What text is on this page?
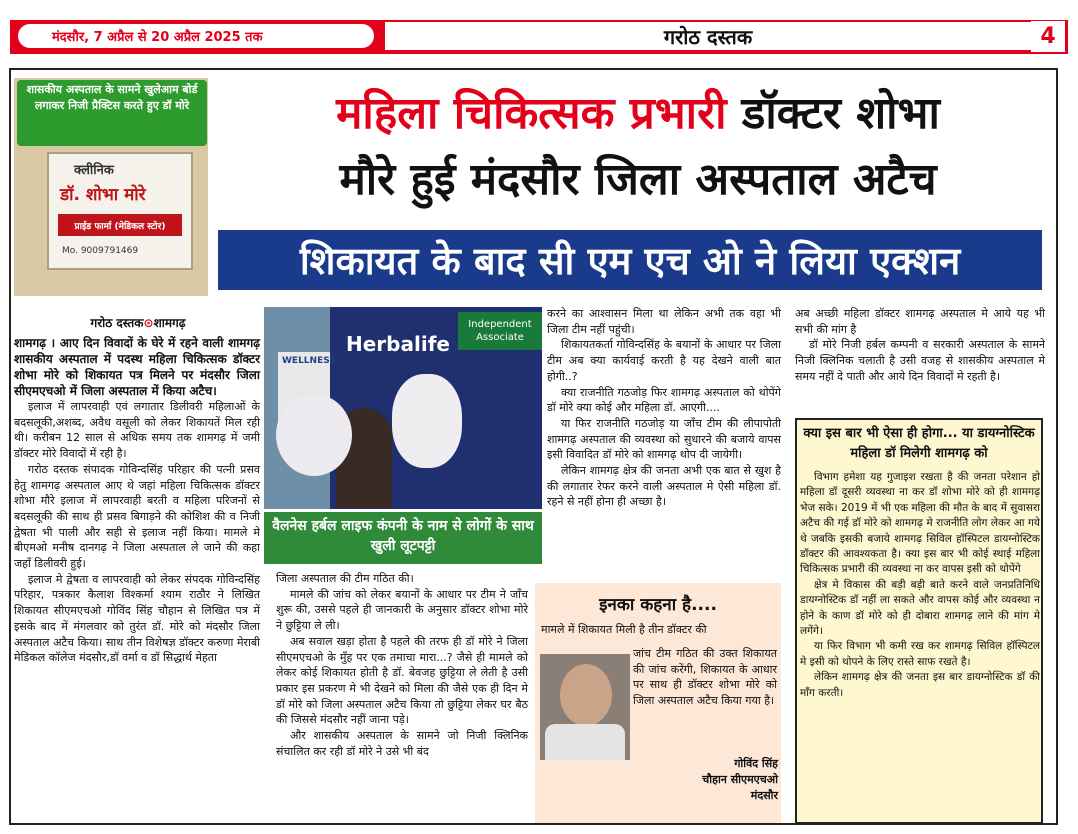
मंदसौर, 7 अप्रैल से 20 अप्रैल 2025 तक	गरोठ दस्तक	4
क्लीनिक
डॉ. शोभा मोरे
प्राईड फार्मा (मेडिकल स्टोर)
Mo. 9009791469
शासकीय अस्पताल के सामने खुलेआम बोर्ड लगाकर निजी प्रैक्टिस करते हुए डॉ मोरे	महिला चिकित्सक प्रभारी डॉक्टर शोभा
मौरे हुई मंदसौर जिला अस्पताल अटैच
शिकायत के बाद सी एम एच ओ ने लिया एक्शन
गरोठ दस्तक⊙शामगढ़

शामगढ़ । आए दिन विवादों के घेरे में रहने वाली शामगढ़ शासकीय अस्पताल में पदस्थ महिला चिकित्सक डॉक्टर शोभा मोरे को शिकायत पत्र मिलने पर मंदसौर जिला सीएमएचओ में जिला अस्पताल में किया अटैच।

इलाज में लापरवाही एवं लगातार डिलीवरी महिलाओं के बदसलूकी,अशब्द, अवैध वसूली को लेकर शिकायतें मिल रही थी। करीबन 12 साल से अधिक समय तक शामगढ़ में जमी डॉक्टर मोरे विवादों में रही है।

गरोठ दस्तक संपादक गोविन्दसिंह परिहार की पत्नी प्रसव हेतु शामगढ़ अस्पताल आए थे जहां महिला चिकित्सक डॉक्टर शोभा मौरे इलाज में लापरवाही बरती व महिला परिजनों से बदसलूकी की साथ ही प्रसव बिगाड़ने की कोशिश की व निजी द्वेषता भी पाली और सही से इलाज नहीं किया। मामले मे बीएमओ मनीष दानगढ़ ने जिला अस्पताल ले जाने की कहा जहाँ डिलीवरी हुई।

इलाज मे द्वेषता व लापरवाही को लेकर संपदक गोविन्दसिंह परिहार, पत्रकार कैलाश विश्कर्मा श्याम राठौर ने लिखित शिकायत सीएमएचओ गोविंद सिंह चौहान से लिखित पत्र में इसके बाद में मंगलवार को तुरंत डॉ. मोरे को मंदसौर जिला अस्पताल अटैच किया। साथ तीन विशेषज्ञ डॉक्टर करुणा मेराबी मेडिकल कॉलेज मंदसौर,डॉ वर्मा व डॉ सिद्धार्थ मेहता

Herbalife
Independent Associate
WELLNESS
वैलनेस हर्बल लाइफ कंपनी के नाम से लोगों के साथ खुली लूटपट्टी

जिला अस्पताल की टीम गठित की।

मामले की जांच को लेकर बयानों के आधार पर टीम ने जाँच शुरू की, उससे पहले ही जानकारी के अनुसार डॉक्टर शोभा मोरे ने छुट्टिया ले ली।

अब सवाल खड़ा होता है पहले की तरफ ही डॉ मोरे ने जिला सीएमएचओ के मुँह पर एक तमाचा मारा...? जैसे ही मामले को लेकर कोई शिकायत होती है डॉ. बेवजह छुट्टिया ले लेती है उसी प्रकार इस प्रकरण मे भी देखने को मिला की जैसे एक ही दिन मे डॉ मोरे को जिला अस्पताल अटैच किया तो छुट्टिया लेकर घर बैठ की जिससे मंदसौर नहीं जाना पड़े।

और शासकीय अस्पताल के सामने जो निजी क्लिनिक संचालित कर रही डॉ मोरे ने उसे भी बंद

करने का आश्वासन मिला था लेकिन अभी तक वहा भी जिला टीम नहीं पहुंची।

शिकायतकर्ता गोविन्दसिंह के बयानों के आधार पर जिला टीम अब क्या कार्यवाई करती है यह देखने वाली बात होगी..?

क्या राजनीति गठजोड़ फिर शामगढ़ अस्पताल को थोपेंगे डॉ मोरे क्या कोई और महिला डॉ. आएगी....

या फिर राजनीति गठजोड़ या जाँच टीम की लीपापोती शामगढ़ अस्पताल की व्यवस्था को सुधारने की बजाये वापस इसी विवादित डॉ मोरे को शामगढ़ थोप दी जायेगी।

लेकिन शामगढ़ क्षेत्र की जनता अभी एक बात से खुश है की लगातार रेफर करने वाली अस्पताल मे ऐसी महिला डॉ. रहने से नहीं होना ही अच्छा है।

इनका कहना है....
मामले में शिकायत मिली है तीन डॉक्टर की
जांच टीम गठित की उक्त शिकायत की जांच करेंगी, शिकायत के आधार पर साथ ही डॉक्टर शोभा मोरे को जिला अस्पताल अटैच किया गया है।
गोविंद सिंह
चौहान सीएमएचओ
मंदसौर

अब अच्छी महिला डॉक्टर शामगढ़ अस्पताल मे आये यह भी सभी की मांग है

डॉ मोरे निजी हर्बल कम्पनी व सरकारी अस्पताल के सामने निजी क्लिनिक चलाती है उसी वजह से शासकीय अस्पताल मे समय नहीं दे पाती और आये दिन विवादों मे रहती है।

क्या इस बार भी ऐसा ही होगा... या डायग्नोस्टिक महिला डॉ मिलेगी शामगढ़ को

विभाग हमेशा यह गुजाइश रखता है की जनता परेशान हो महिला डॉ दूसरी व्यवस्था ना कर डॉ शोभा मोरे को ही शामगढ़ भेज सके। 2019 में भी एक महिला की मौत के बाद में सुवासरा अटैच की गई डॉ मोरे को शामगढ़ मे राजनीति लोग लेकर आ गये थे जबकि इसकी बजाये शामगढ़ सिविल हॉस्पिटल डायग्नोस्टिक डॉक्टर की आवश्यकता है। क्या इस बार भी कोई स्थाई महिला चिकित्सक प्रभारी की व्यवस्था ना कर वापस इसी को थोपेंगे

क्षेत्र मे विकास की बड़ी बड़ी बाते करने वाले जनप्रतिनिधि डायग्नोस्टिक डॉ नहीं ला सकते और वापस कोई और व्यवस्था न होने के काण डॉ मोरे को ही दोबारा शामगढ़ लाने की मांग मे लगेंगे।

या फिर विभाग भी कमी रख कर शामगढ़ सिविल हॉस्पिटल मे इसी को थोपने के लिए रास्ते साफ रखते है।

लेकिन शामगढ़ क्षेत्र की जनता इस बार डायग्नोस्टिक डॉ की माँग करती।
